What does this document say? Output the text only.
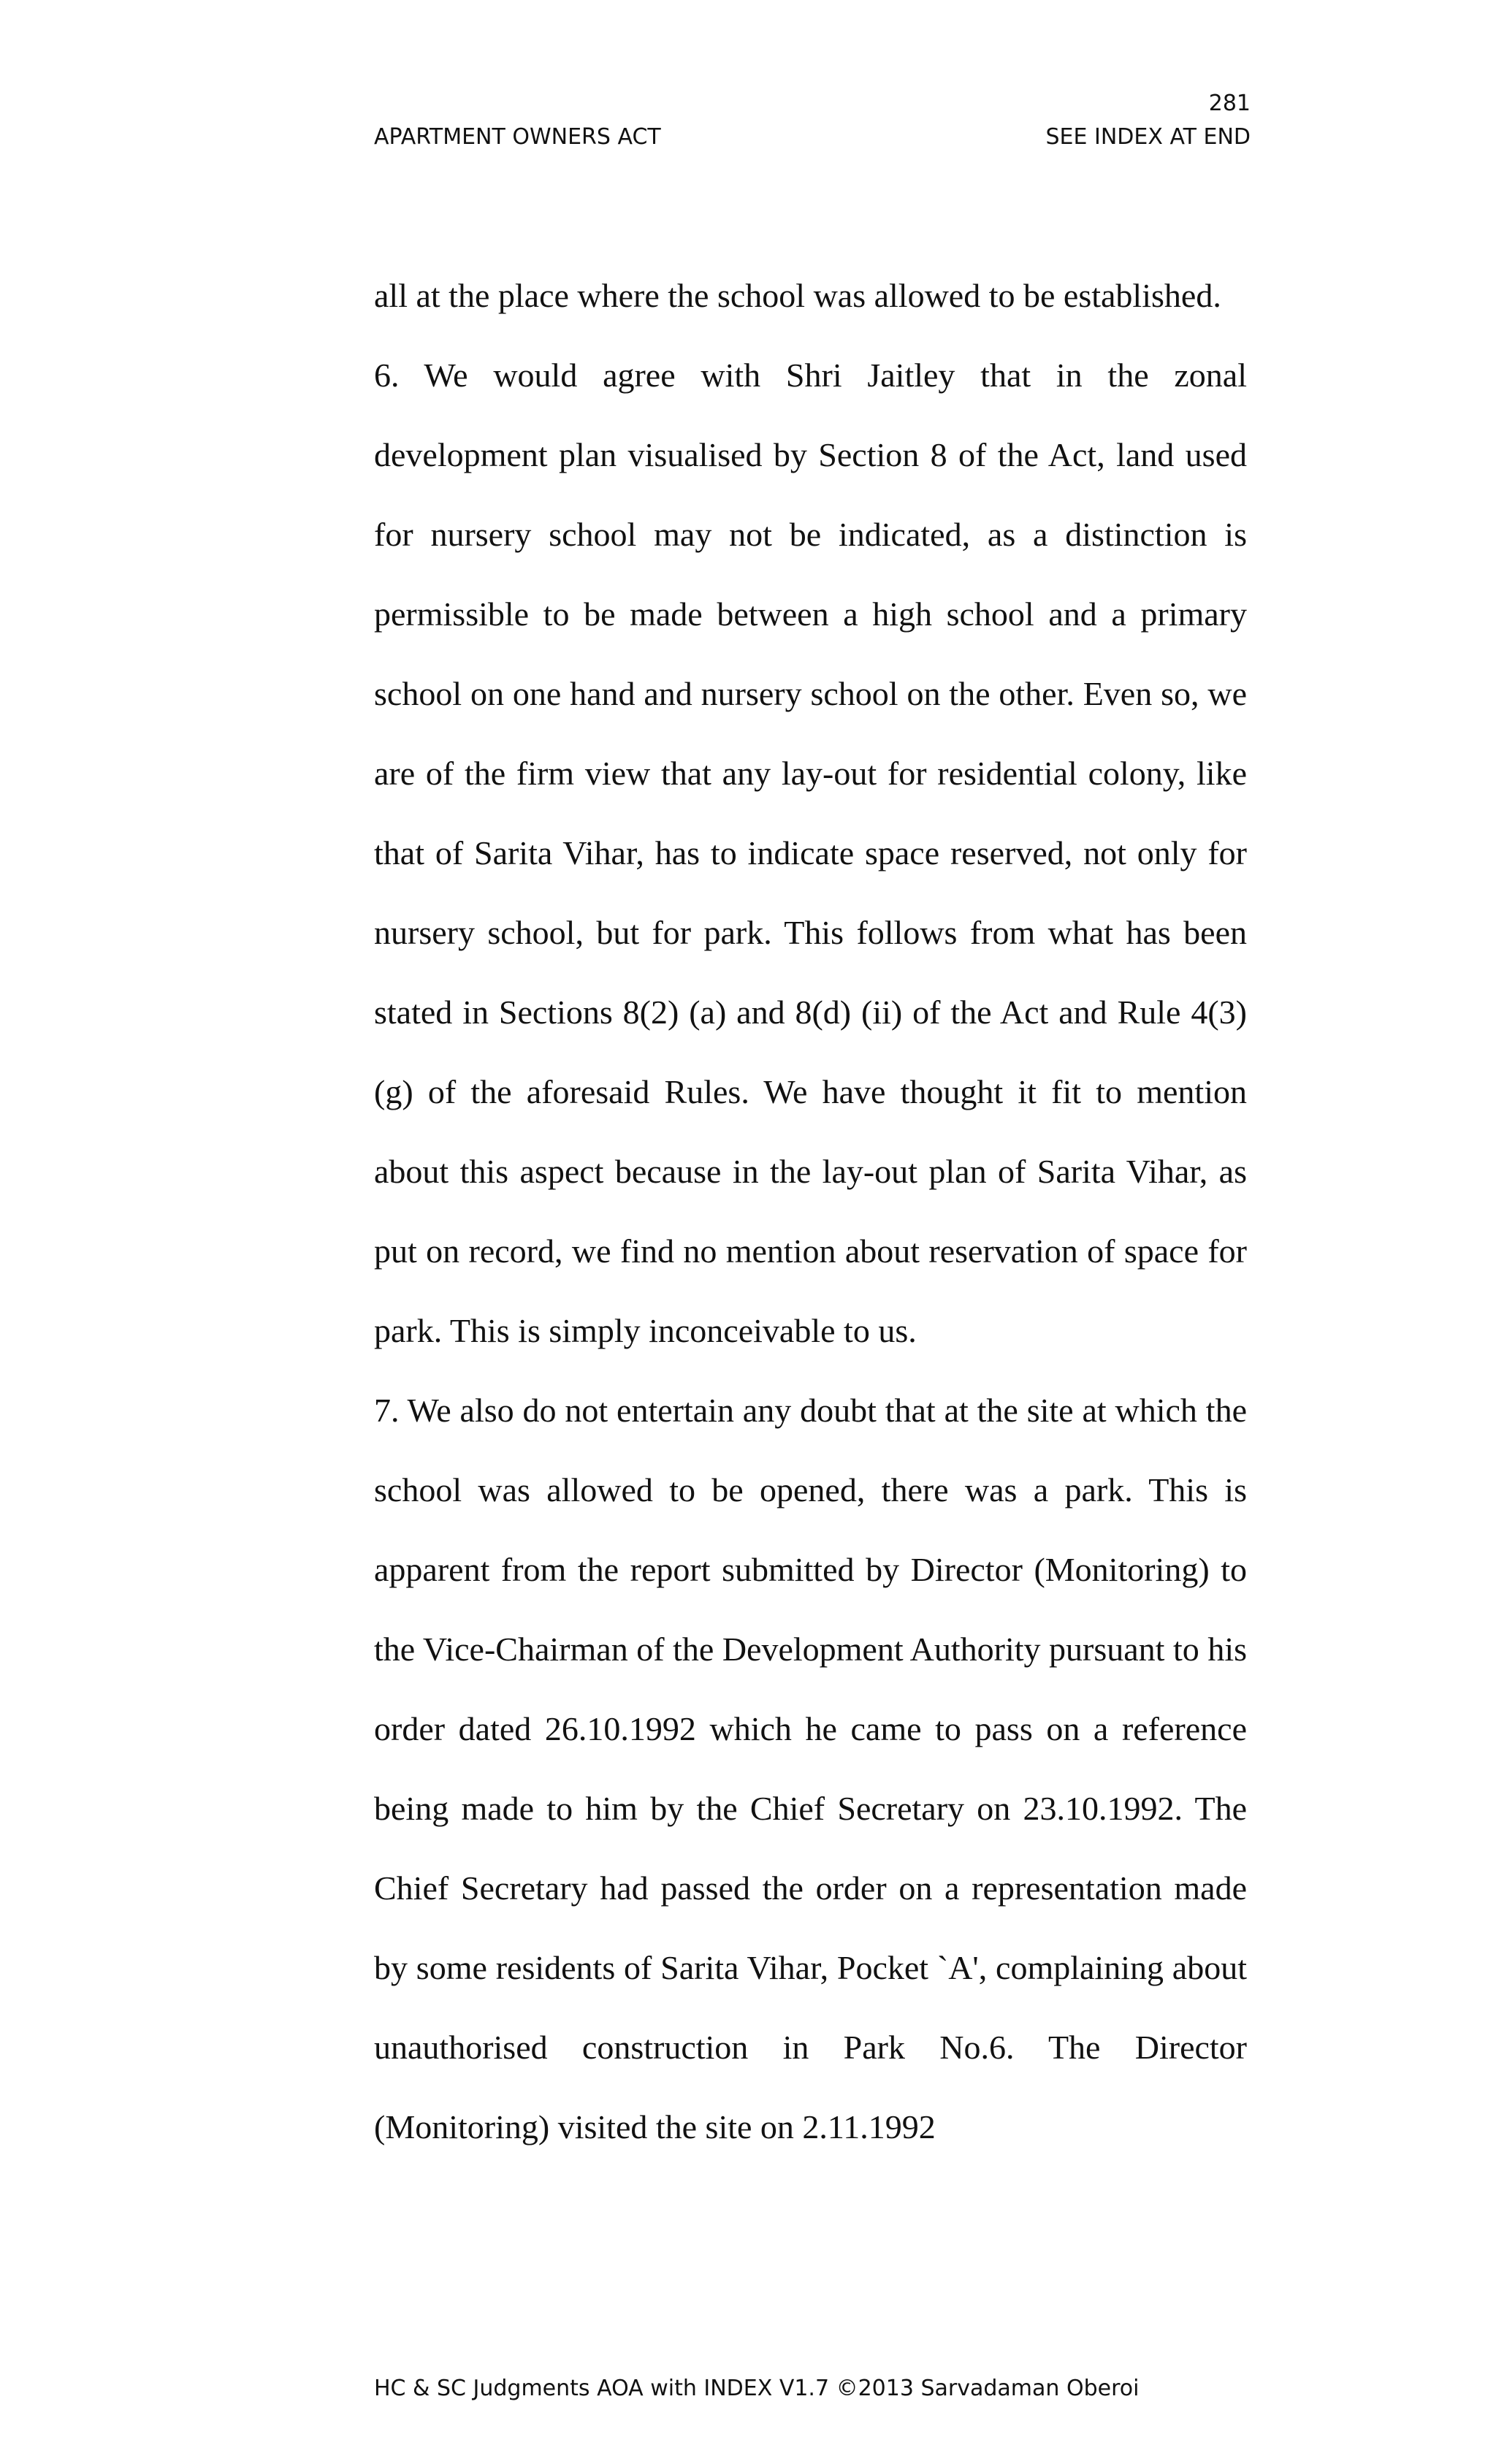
281
APARTMENT OWNERS ACT	SEE INDEX AT END

all at the place where the school was allowed to be established.

6. We would agree with Shri Jaitley that in the zonal development plan visualised by Section 8 of the Act, land used for nursery school may not be indicated, as a distinction is permissible to be made between a high school and a primary school on one hand and nursery school on the other. Even so, we are of the firm view that any lay-out for residential colony, like that of Sarita Vihar, has to indicate space reserved, not only for nursery school, but for park. This follows from what has been stated in Sections 8(2) (a) and 8(d) (ii) of the Act and Rule 4(3) (g) of the aforesaid Rules. We have thought it fit to mention about this aspect because in the lay-out plan of Sarita Vihar, as put on record, we find no mention about reservation of space for park. This is simply inconceivable to us.

7. We also do not entertain any doubt that at the site at which the school was allowed to be opened, there was a park. This is apparent from the report submitted by Director (Monitoring) to the Vice-Chairman of the Development Authority pursuant to his order dated 26.10.1992 which he came to pass on a reference being made to him by the Chief Secretary on 23.10.1992. The Chief Secretary had passed the order on a representation made by some residents of Sarita Vihar, Pocket `A', complaining about unauthorised construction in Park No.6. The Director (Monitoring) visited the site on 2.11.1992

HC & SC Judgments AOA with INDEX V1.7 ©2013 Sarvadaman Oberoi
